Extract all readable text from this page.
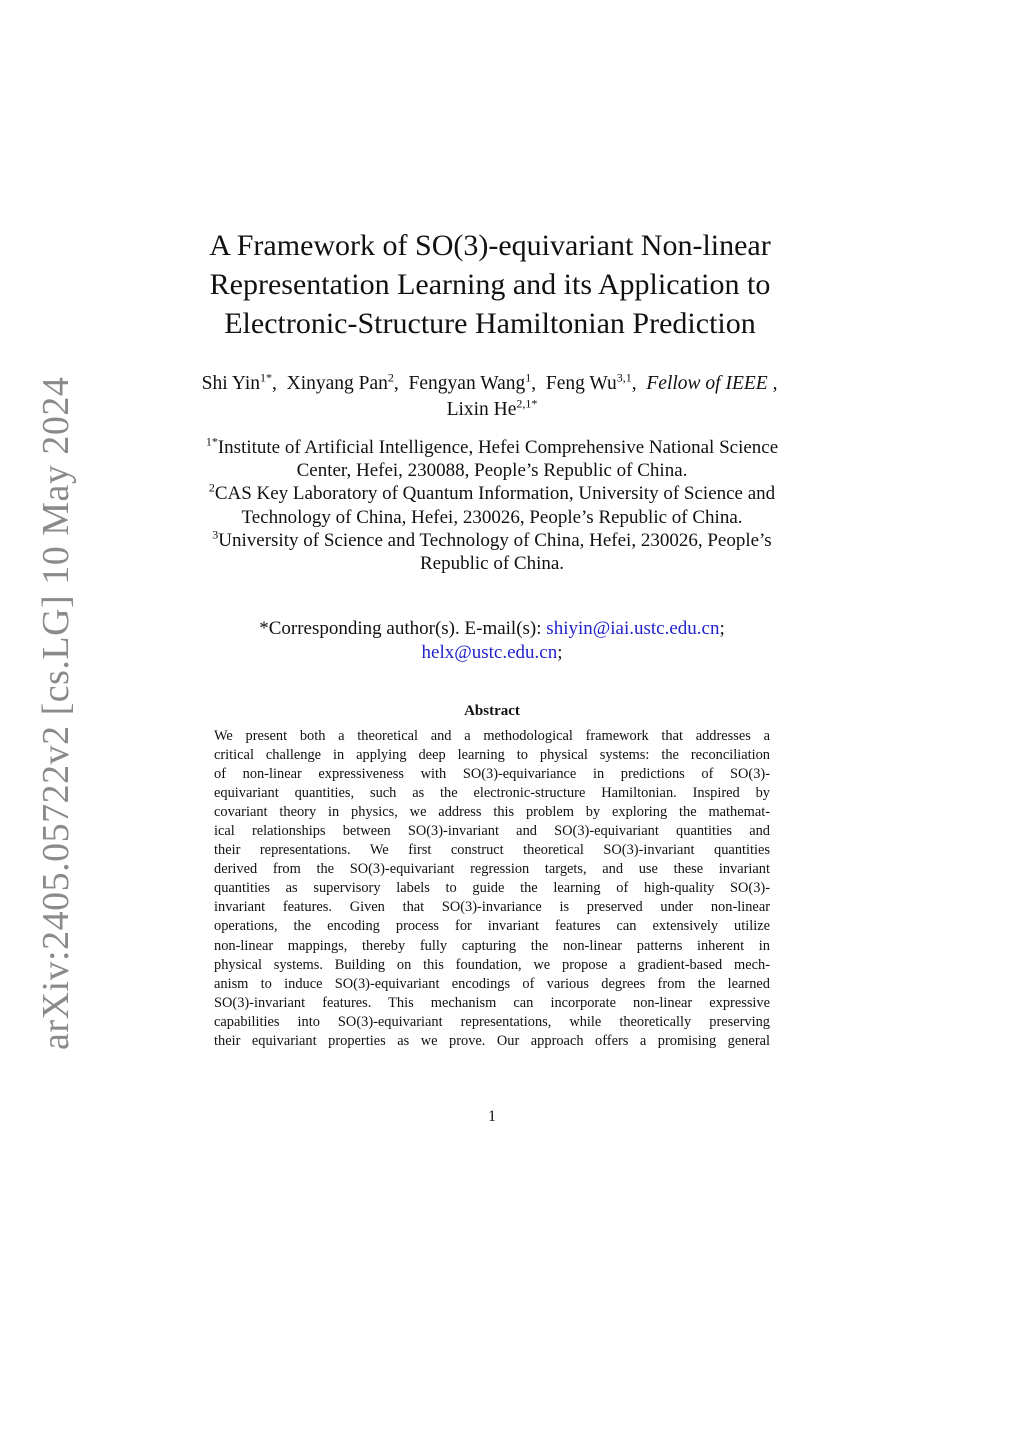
arXiv:2405.05722v2 [cs.LG] 10 May 2024
A Framework of SO(3)-equivariant Non-linear
Representation Learning and its Application to
Electronic-Structure Hamiltonian Prediction
Shi Yin$^{1*}$,  Xinyang Pan$^2$,  Fengyan Wang$^1$,  Feng Wu$^{3,1}$,  Fellow of IEEE ,  Lixin $He^{2,1*}$
$^{1*}$Institute of Artificial Intelligence, Hefei Comprehensive National Science Center, Hefei, 230088, People’s Republic of China.
$^2$CAS Key Laboratory of Quantum Information, University of Science and Technology of China, Hefei, 230026, People’s Republic of China.
$^3$University of Science and Technology of China, Hefei, 230026, People’s Republic of China.
*Corresponding author(s). E-mail(s): shiyin@iai.ustc.edu.cn;
helx@ustc.edu.cn;
Abstract
We present both a theoretical and a methodological framework that addresses a
critical challenge in applying deep learning to physical systems: the reconciliation
of non-linear expressiveness with SO(3)-equivariance in predictions of SO(3)-
equivariant quantities, such as the electronic-structure Hamiltonian. Inspired by
covariant theory in physics, we address this problem by exploring the mathemat-
ical relationships between SO(3)-invariant and SO(3)-equivariant quantities and
their representations. We first construct theoretical SO(3)-invariant quantities
derived from the SO(3)-equivariant regression targets, and use these invariant
quantities as supervisory labels to guide the learning of high-quality SO(3)-
invariant features. Given that SO(3)-invariance is preserved under non-linear
operations, the encoding process for invariant features can extensively utilize
non-linear mappings, thereby fully capturing the non-linear patterns inherent in
physical systems. Building on this foundation, we propose a gradient-based mech-
anism to induce SO(3)-equivariant encodings of various degrees from the learned
SO(3)-invariant features. This mechanism can incorporate non-linear expressive
capabilities into SO(3)-equivariant representations, while theoretically preserving
their equivariant properties as we prove. Our approach offers a promising general
1
